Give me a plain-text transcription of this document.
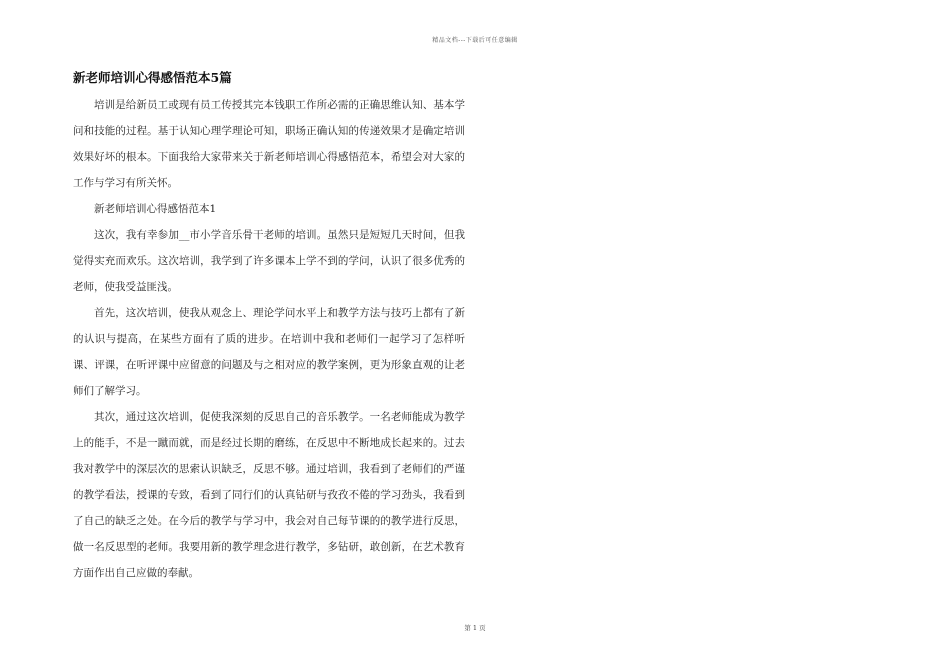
精品文档---下载后可任意编辑
新老师培训心得感悟范本5篇

培训是给新员工或现有员工传授其完本钱职工作所必需的正确思维认知、基本学问和技能的过程。基于认知心理学理论可知，职场正确认知的传递效果才是确定培训效果好坏的根本。下面我给大家带来关于新老师培训心得感悟范本，希望会对大家的工作与学习有所关怀。

新老师培训心得感悟范本1

这次，我有幸参加__市小学音乐骨干老师的培训。虽然只是短短几天时间，但我觉得实充而欢乐。这次培训，我学到了许多课本上学不到的学问，认识了很多优秀的老师，使我受益匪浅。

首先，这次培训，使我从观念上、理论学问水平上和教学方法与技巧上都有了新的认识与提高，在某些方面有了质的进步。在培训中我和老师们一起学习了怎样听课、评课，在听评课中应留意的问题及与之相对应的教学案例，更为形象直观的让老师们了解学习。

其次，通过这次培训，促使我深刻的反思自己的音乐教学。一名老师能成为教学上的能手，不是一蹴而就，而是经过长期的磨练，在反思中不断地成长起来的。过去我对教学中的深层次的思索认识缺乏，反思不够。通过培训，我看到了老师们的严谨的教学看法，授课的专致，看到了同行们的认真钻研与孜孜不倦的学习劲头，我看到了自己的缺乏之处。在今后的教学与学习中，我会对自己每节课的的教学进行反思，做一名反思型的老师。我要用新的教学理念进行教学，多钻研，敢创新，在艺术教育方面作出自己应做的奉献。

第 1 页
